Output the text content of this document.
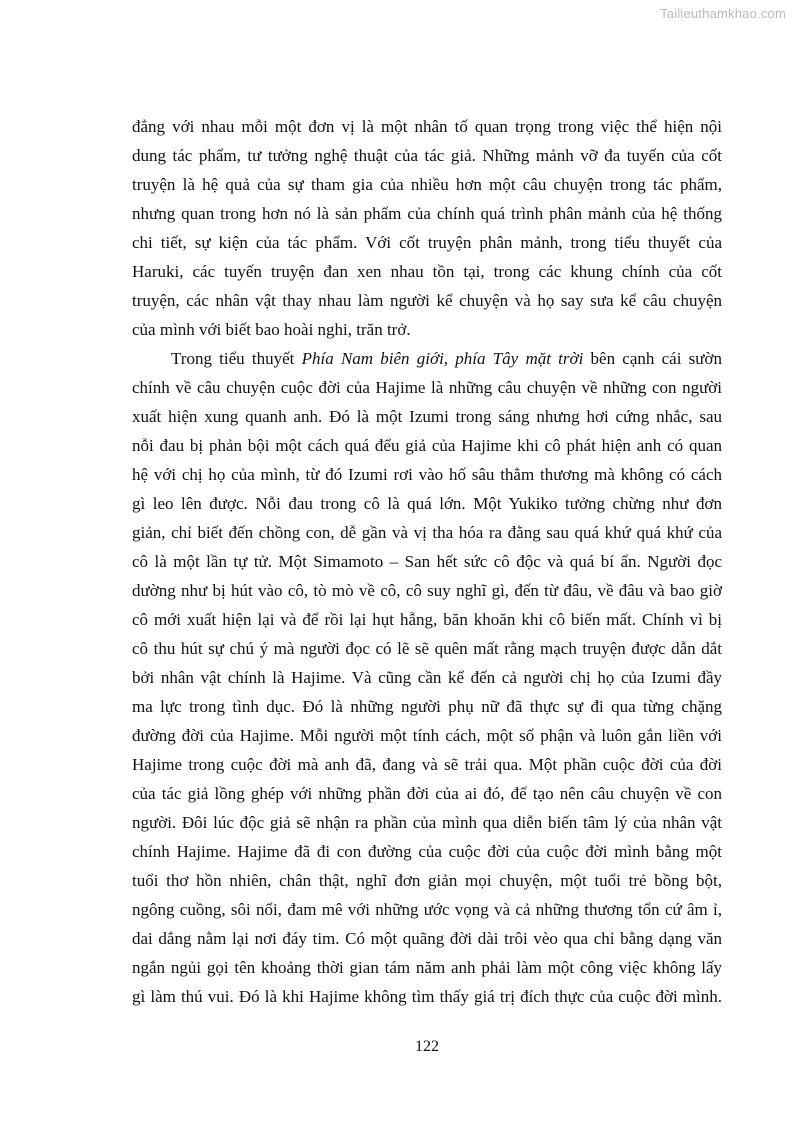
Tailieuthamkhao.com
đẳng với nhau mỗi một đơn vị là một nhân tố quan trọng trong việc thể hiện nội
dung tác phẩm, tư tưởng nghệ thuật của tác giả. Những mảnh vỡ đa tuyến của cốt
truyện là hệ quả của sự tham gia của nhiều hơn một câu chuyện trong tác phẩm,
nhưng quan trong hơn nó là sản phẩm của chính quá trình phân mảnh của hệ thống
chi tiết, sự kiện của tác phẩm. Với cốt truyện phân mảnh, trong tiểu thuyết của
Haruki, các tuyến truyện đan xen nhau tồn tại, trong các khung chính của cốt
truyện, các nhân vật thay nhau làm người kể chuyện và họ say sưa kể câu chuyện
của mình với biết bao hoài nghi, trăn trở.
Trong tiểu thuyết Phía Nam biên giới, phía Tây mặt trời bên cạnh cái sườn
chính về câu chuyện cuộc đời của Hajime là những câu chuyện về những con người
xuất hiện xung quanh anh. Đó là một Izumi trong sáng nhưng hơi cứng nhắc, sau
nỗi đau bị phản bội một cách quá đểu giả của Hajime khi cô phát hiện anh có quan
hệ với chị họ của mình, từ đó Izumi rơi vào hố sâu thẳm thương mà không có cách
gì leo lên được. Nỗi đau trong cô là quá lớn. Một Yukiko tưởng chừng như đơn
giản, chỉ biết đến chồng con, dễ gần và vị tha hóa ra đằng sau quá khứ quá khứ của
cô là một lần tự tử. Một Simamoto – San hết sức cô độc và quá bí ẩn. Người đọc
dường như bị hút vào cô, tò mò về cô, cô suy nghĩ gì, đến từ đâu, về đâu và bao giờ
cô mới xuất hiện lại và để rồi lại hụt hẫng, băn khoăn khi cô biến mất. Chính vì bị
cô thu hút sự chú ý mà người đọc có lẽ sẽ quên mất rằng mạch truyện được dẫn dắt
bởi nhân vật chính là Hajime. Và cũng cần kể đến cả người chị họ của Izumi đầy
ma lực trong tình dục. Đó là những người phụ nữ đã thực sự đi qua từng chặng
đường đời của Hajime. Mỗi người một tính cách, một số phận và luôn gắn liền với
Hajime trong cuộc đời mà anh đã, đang và sẽ trải qua. Một phần cuộc đời của đời
của tác giả lồng ghép với những phần đời của ai đó, để tạo nên câu chuyện về con
người. Đôi lúc độc giả sẽ nhận ra phần của mình qua diễn biến tâm lý của nhân vật
chính Hajime. Hajime đã đi con đường của cuộc đời của cuộc đời mình bằng một
tuổi thơ hồn nhiên, chân thật, nghĩ đơn giản mọi chuyện, một tuổi trẻ bồng bột,
ngông cuồng, sôi nổi, đam mê với những ước vọng và cả những thương tổn cứ âm ỉ,
dai dẳng nằm lại nơi đáy tim. Có một quãng đời dài trôi vèo qua chỉ bằng dạng văn
ngắn ngủi gọi tên khoảng thời gian tám năm anh phải làm một công việc không lấy
gì làm thú vui. Đó là khi Hajime không tìm thấy giá trị đích thực của cuộc đời mình.
122
